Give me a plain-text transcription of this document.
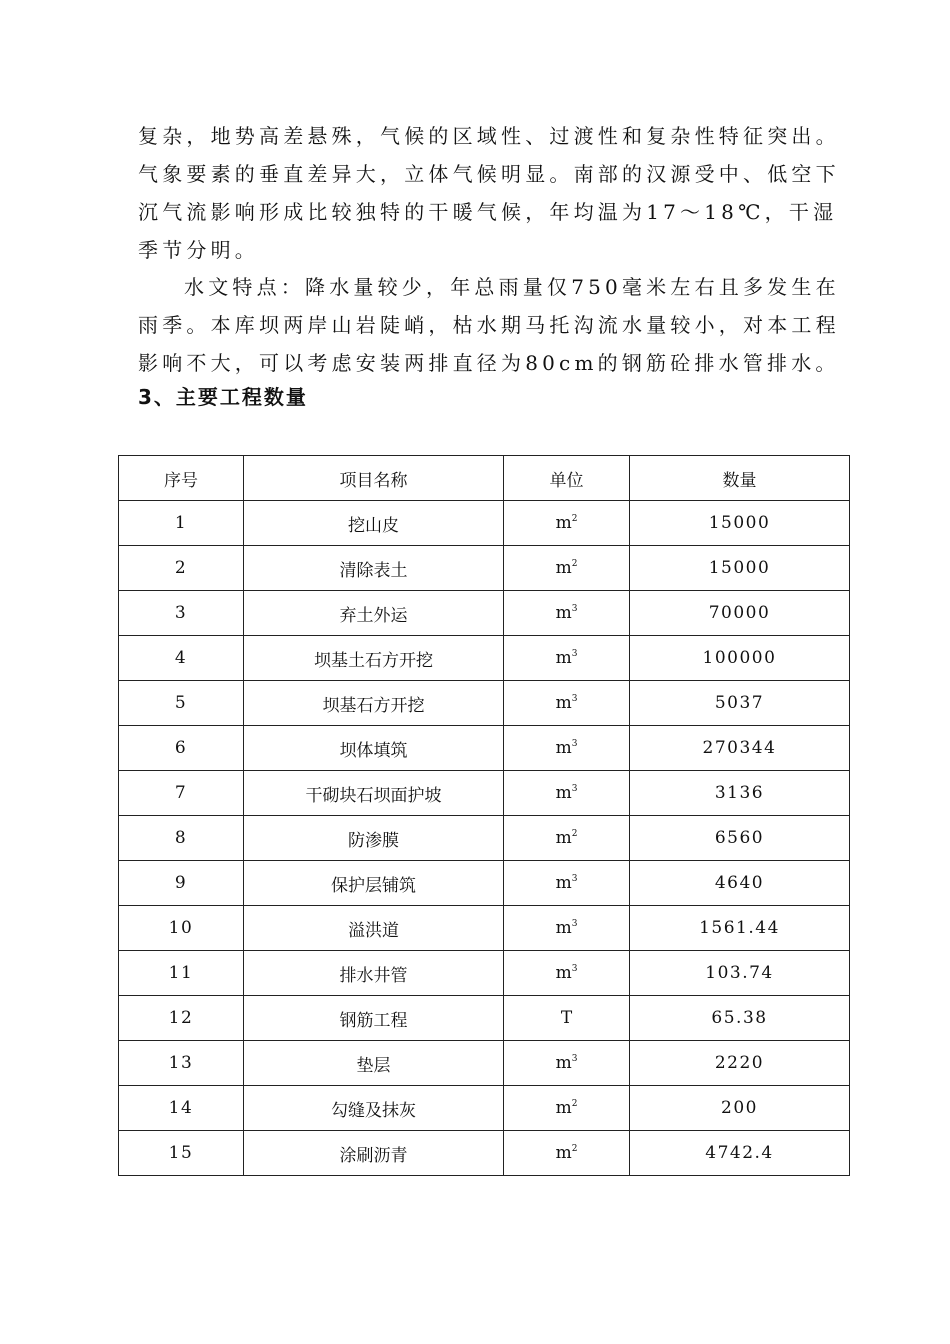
复杂，地势高差悬殊，气候的区域性、过渡性和复杂性特征突出。气象要素的垂直差异大，立体气候明显。南部的汉源受中、低空下沉气流影响形成比较独特的干暖气候，年均温为17～18℃，干湿季节分明。

水文特点：降水量较少，年总雨量仅750毫米左右且多发生在雨季。本库坝两岸山岩陡峭，枯水期马托沟流水量较小，对本工程影响不大，可以考虑安装两排直径为80cm的钢筋砼排水管排水。

3、主要工程数量
序号	项目名称	单位	数量
1	挖山皮	$m^2$	15000
2	清除表土	$m^2$	15000
3	弃土外运	$m^3$	70000
4	坝基土石方开挖	$m^3$	100000
5	坝基石方开挖	$m^3$	5037
6	坝体填筑	$m^3$	270344
7	干砌块石坝面护坡	$m^3$	3136
8	防渗膜	$m^2$	6560
9	保护层铺筑	$m^3$	4640
10	溢洪道	$m^3$	1561.44
11	排水井管	$m^3$	103.74
12	钢筋工程	T	65.38
13	垫层	$m^3$	2220
14	勾缝及抹灰	$m^2$	200
15	涂刷沥青	$m^2$	4742.4
